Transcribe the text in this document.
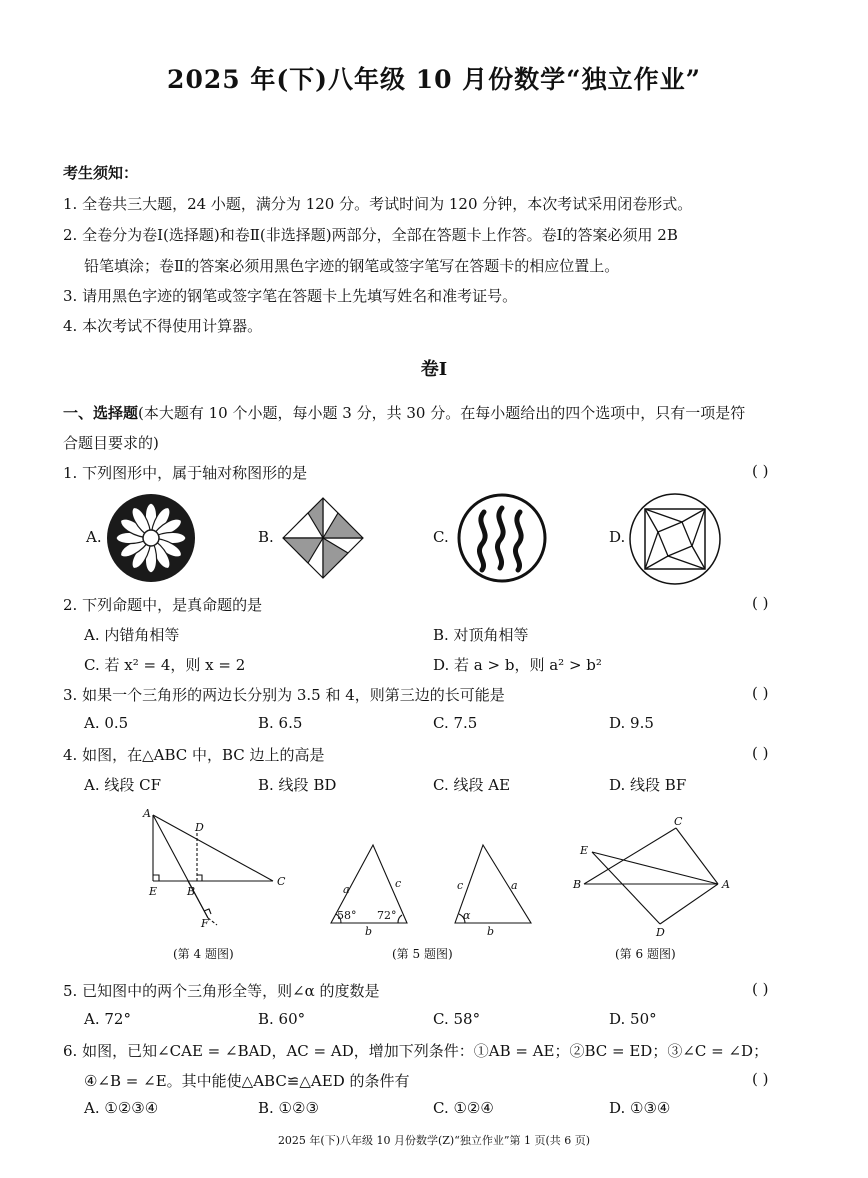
2025 年(下)八年级 10 月份数学“独立作业”
考生须知：
1. 全卷共三大题，24 小题，满分为 120 分。考试时间为 120 分钟，本次考试采用闭卷形式。
2. 全卷分为卷Ⅰ(选择题)和卷Ⅱ(非选择题)两部分，全部在答题卡上作答。卷Ⅰ的答案必须用 2B
铅笔填涂；卷Ⅱ的答案必须用黑色字迹的钢笔或签字笔写在答题卡的相应位置上。
3. 请用黑色字迹的钢笔或签字笔在答题卡上先填写姓名和准考证号。
4. 本次考试不得使用计算器。
卷Ⅰ
一、选择题(本大题有 10 个小题，每小题 3 分，共 30 分。在每小题给出的四个选项中，只有一项是符
合题目要求的)
1. 下列图形中，属于轴对称图形的是	( )
A.	B.	C.	D.
2. 下列命题中，是真命题的是	( )
A. 内错角相等	B. 对顶角相等
C. 若 x² = 4，则 x = 2	D. 若 a > b，则 a² > b²
3. 如果一个三角形的两边长分别为 3.5 和 4，则第三边的长可能是	( )
A. 0.5	B. 6.5	C. 7.5	D. 9.5
4. 如图，在△ABC 中，BC 边上的高是	( )
A. 线段 CF	B. 线段 BD	C. 线段 AE	D. 线段 BF
A
D
E	B
C
F
(第 4 题图)
a	c
b
58° 72°
c	a
b
α
(第 5 题图)
C
E
B	A
D
(第 6 题图)
5. 已知图中的两个三角形全等，则∠α 的度数是	( )
A. 72°	B. 60°	C. 58°	D. 50°
6. 如图，已知∠CAE = ∠BAD，AC = AD，增加下列条件：①AB = AE；②BC = ED；③∠C = ∠D；
④∠B = ∠E。其中能使△ABC≌△AED 的条件有	( )
A. ①②③④	B. ①②③	C. ①②④	D. ①③④
2025 年(下)八年级 10 月份数学(Z)“独立作业”第 1 页(共 6 页)
